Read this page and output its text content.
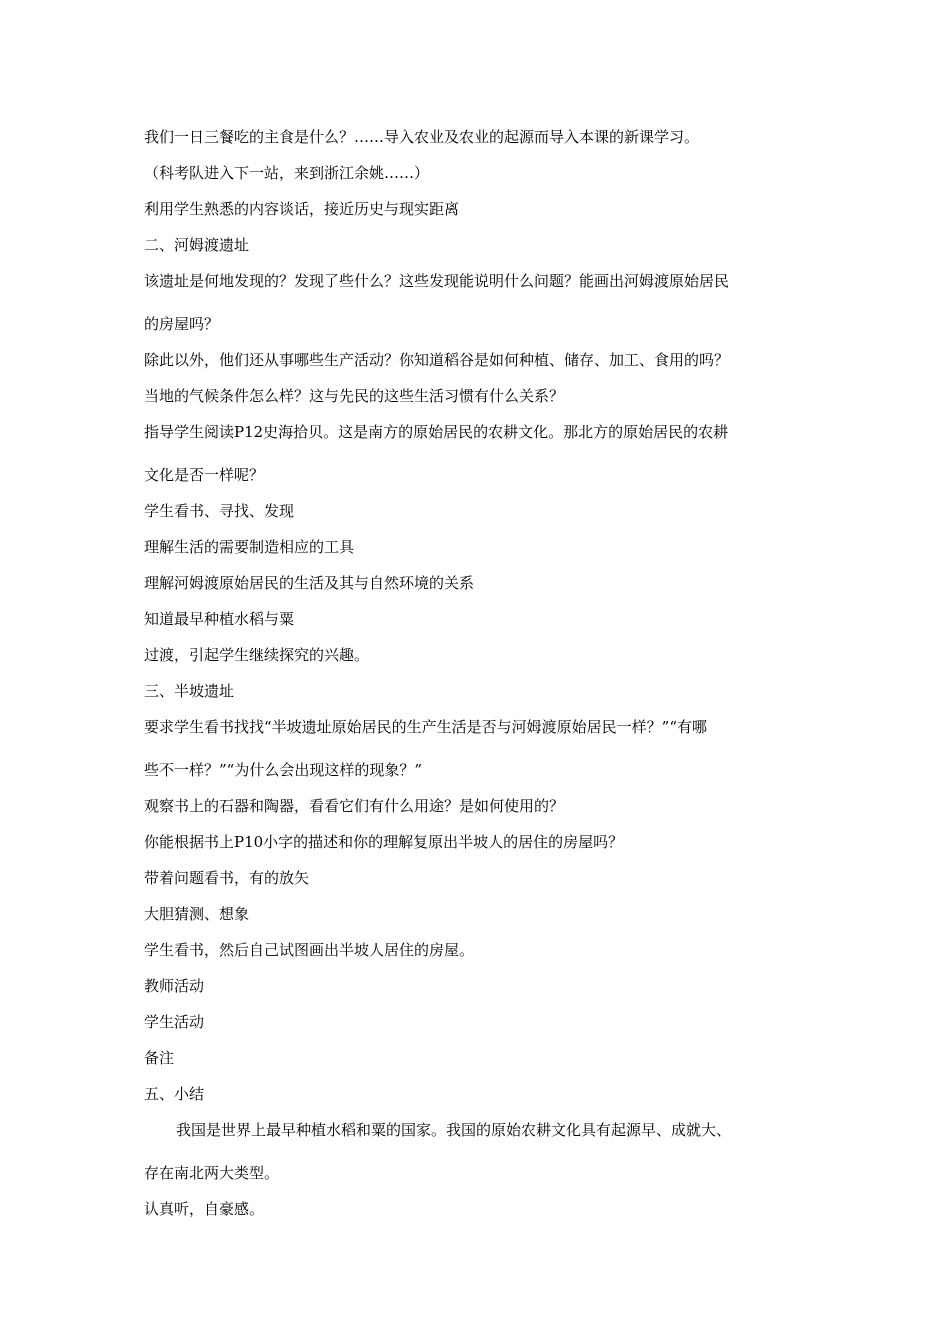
我们一日三餐吃的主食是什么？……导入农业及农业的起源而导入本课的新课学习。
（科考队进入下一站，来到浙江余姚……）
利用学生熟悉的内容谈话，接近历史与现实距离
二、河姆渡遗址
该遗址是何地发现的？发现了些什么？这些发现能说明什么问题？能画出河姆渡原始居民
的房屋吗？
除此以外，他们还从事哪些生产活动？你知道稻谷是如何种植、储存、加工、食用的吗？
当地的气候条件怎么样？这与先民的这些生活习惯有什么关系？
指导学生阅读P12史海拾贝。这是南方的原始居民的农耕文化。那北方的原始居民的农耕
文化是否一样呢？
学生看书、寻找、发现
理解生活的需要制造相应的工具
理解河姆渡原始居民的生活及其与自然环境的关系
知道最早种植水稻与粟
过渡，引起学生继续探究的兴趣。
三、半坡遗址
要求学生看书找找“半坡遗址原始居民的生产生活是否与河姆渡原始居民一样？”“有哪
些不一样？”“为什么会出现这样的现象？”
观察书上的石器和陶器，看看它们有什么用途？是如何使用的？
你能根据书上P10小字的描述和你的理解复原出半坡人的居住的房屋吗？
带着问题看书，有的放矢
大胆猜测、想象
学生看书，然后自己试图画出半坡人居住的房屋。
教师活动
学生活动
备注
五、小结
我国是世界上最早种植水稻和粟的国家。我国的原始农耕文化具有起源早、成就大、
存在南北两大类型。
认真听，自豪感。
